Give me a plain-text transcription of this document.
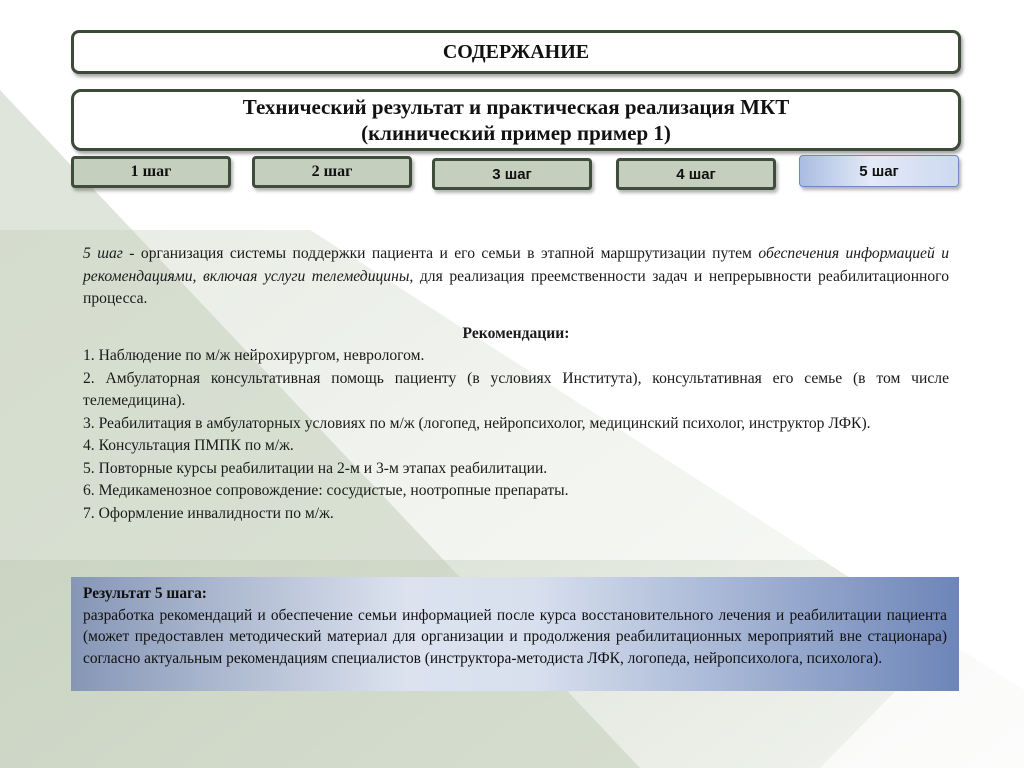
СОДЕРЖАНИЕ
Технический результат и практическая реализация МКТ
(клинический пример пример 1)
1 шаг	2 шаг	3 шаг	4 шаг	5 шаг

5 шаг - организация системы поддержки пациента и его семьи в этапной маршрутизации путем обеспечения информацией и рекомендациями, включая услуги телемедицины, для реализация преемственности задач и непрерывности реабилитационного процесса.

Рекомендации:

1. Наблюдение по м/ж нейрохирургом, неврологом.

2. Амбулаторная консультативная помощь пациенту (в условиях Института), консультативная его семье (в том числе телемедицина).

3. Реабилитация в амбулаторных условиях по м/ж (логопед, нейропсихолог, медицинский психолог, инструктор ЛФК).

4. Консультация ПМПК по м/ж.

5. Повторные курсы реабилитации на 2-м и 3-м этапах реабилитации.

6. Медикаменозное сопровождение: сосудистые, ноотропные препараты.

7. Оформление инвалидности по м/ж.

Результат 5 шага:

разработка рекомендаций и обеспечение семьи информацией после курса восстановительного лечения и реабилитации пациента (может предоставлен методический материал для организации и продолжения реабилитационных мероприятий вне стационара) согласно актуальным рекомендациям специалистов (инструктора-методиста ЛФК, логопеда, нейропсихолога, психолога).
